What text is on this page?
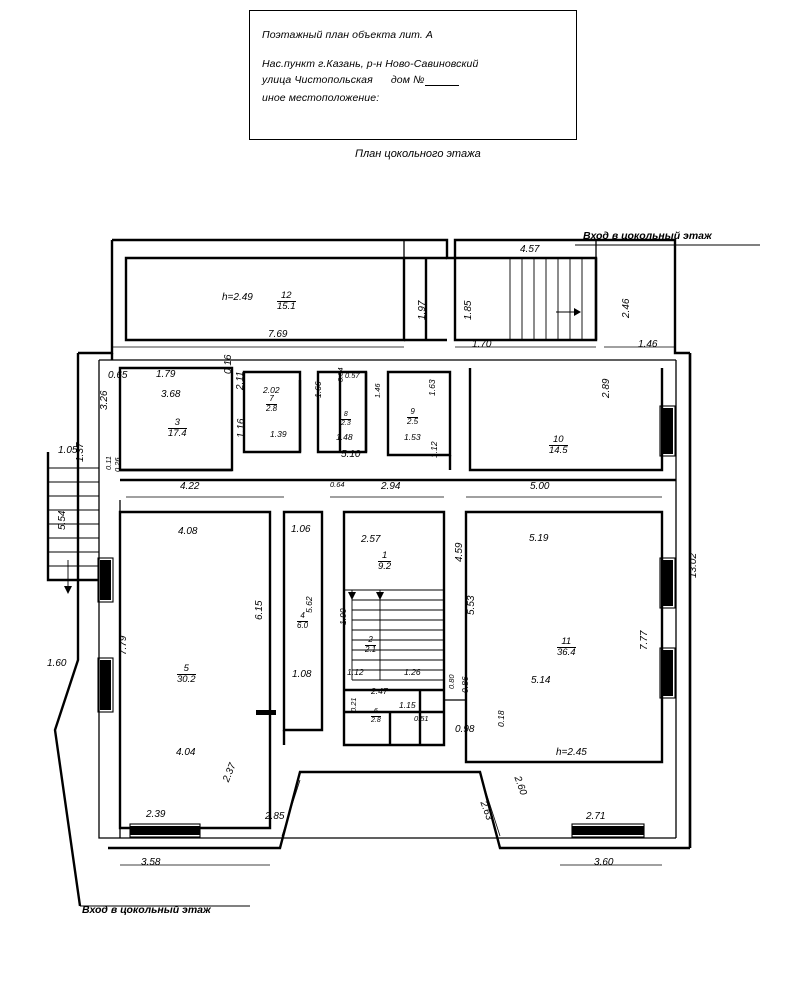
Поэтажный план объекта лит. А
Нас.пункт г.Казань, р-н Ново-Савиновский
улица Чистопольская дом №
иное местоположение:
План цокольного этажа
Вход в цокольный этаж
Вход в цокольный этаж
h=2.49
h=2.45
12
15.1
3
17.4
7
2.8
8
2.3
9
2.5
10
14.5
1
9.2
4
6.0
5
30.2
2
2.1
6
2.8
11
36.4
4.57
1.97	1.85	2.46
7.69
1.70	1.46
0.65	1.79
0.16
3.68
2.11 2.02	1.66
0.84 0.57
1.46	1.63	2.89
3.26
1.39	1.48	1.53
1.16
5.10	1.12
1.05
1.37
0.11 0.26
5.54
1.60
4.22	0.64	2.94	5.00
4.08	1.06
2.57
4.59
5.19
13.02
6.15	5.62
1.90
5.53
7.79
1.08	1.12	1.26
7.77
2.47
1.15
0.51
0.80 0.86
0.98
0.18
5.14
0.21
4.04
2.37
2.39	2.85
2.60
2.63	2.71
3.58	3.60
